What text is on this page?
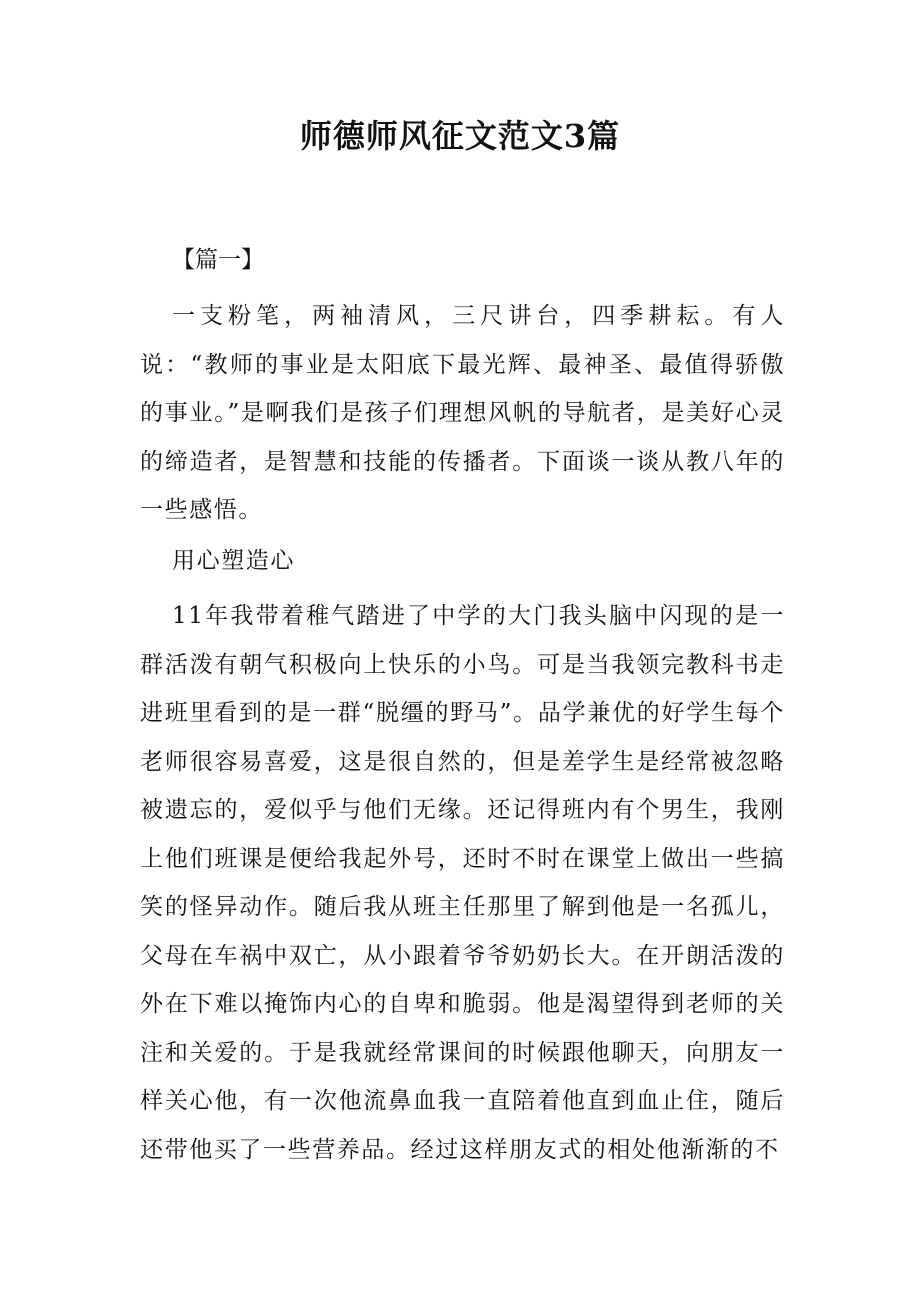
师德师风征文范文3篇
【篇一】

一支粉笔，两袖清风，三尺讲台，四季耕耘。有人说：“教师的事业是太阳底下最光辉、最神圣、最值得骄傲的事业。”是啊我们是孩子们理想风帆的导航者，是美好心灵的缔造者，是智慧和技能的传播者。下面谈一谈从教八年的一些感悟。

用心塑造心

11年我带着稚气踏进了中学的大门我头脑中闪现的是一群活泼有朝气积极向上快乐的小鸟。可是当我领完教科书走进班里看到的是一群“脱缰的野马”。品学兼优的好学生每个老师很容易喜爱，这是很自然的，但是差学生是经常被忽略被遗忘的，爱似乎与他们无缘。还记得班内有个男生，我刚上他们班课是便给我起外号，还时不时在课堂上做出一些搞笑的怪异动作。随后我从班主任那里了解到他是一名孤儿，父母在车祸中双亡，从小跟着爷爷奶奶长大。在开朗活泼的外在下难以掩饰内心的自卑和脆弱。他是渴望得到老师的关注和关爱的。于是我就经常课间的时候跟他聊天，向朋友一样关心他，有一次他流鼻血我一直陪着他直到血止住，随后还带他买了一些营养品。经过这样朋友式的相处他渐渐的不
